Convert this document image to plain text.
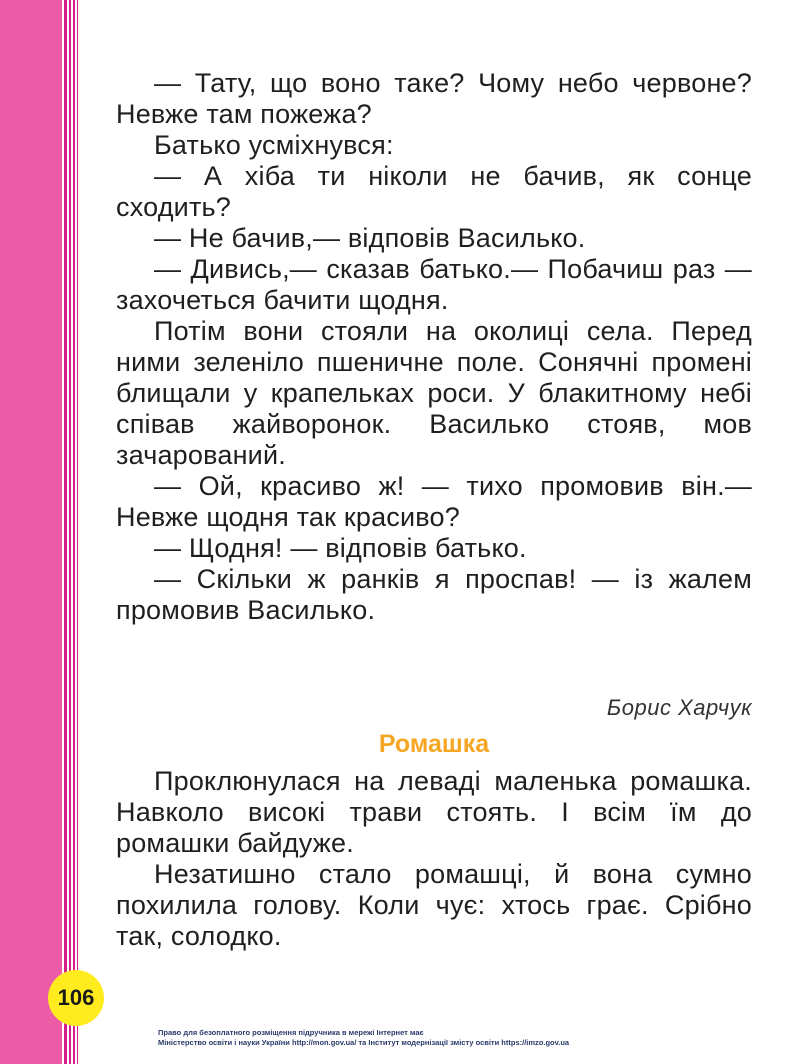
— Тату, що воно таке? Чому небо червоне? Невже там пожежа?

Батько усміхнувся:

— А хіба ти ніколи не бачив, як сонце сходить?

— Не бачив,— відповів Василько.

— Дивись,— сказав батько.— Побачиш раз — захочеться бачити щодня.

Потім вони стояли на околиці села. Перед ними зеленіло пшеничне поле. Сонячні промені блищали у крапельках роси. У блакитному небі співав жайворонок. Василько стояв, мов зачарований.

— Ой, красиво ж! — тихо промовив він.— Невже щодня так красиво?

— Щодня! — відповів батько.

— Скільки ж ранків я проспав! — із жалем промовив Василько.

Борис Харчук
Ромашка

Проклюнулася на леваді маленька ромашка. Навколо високі трави стоять. І всім їм до ромашки байдуже.

Незатишно стало ромашці, й вона сумно похилила голову. Коли чує: хтось грає. Срібно так, солодко.

106
Право для безоплатного розміщення підручника в мережі Інтернет має
Міністерство освіти і науки України http://mon.gov.ua/ та Інститут модернізації змісту освіти https://imzo.gov.ua
